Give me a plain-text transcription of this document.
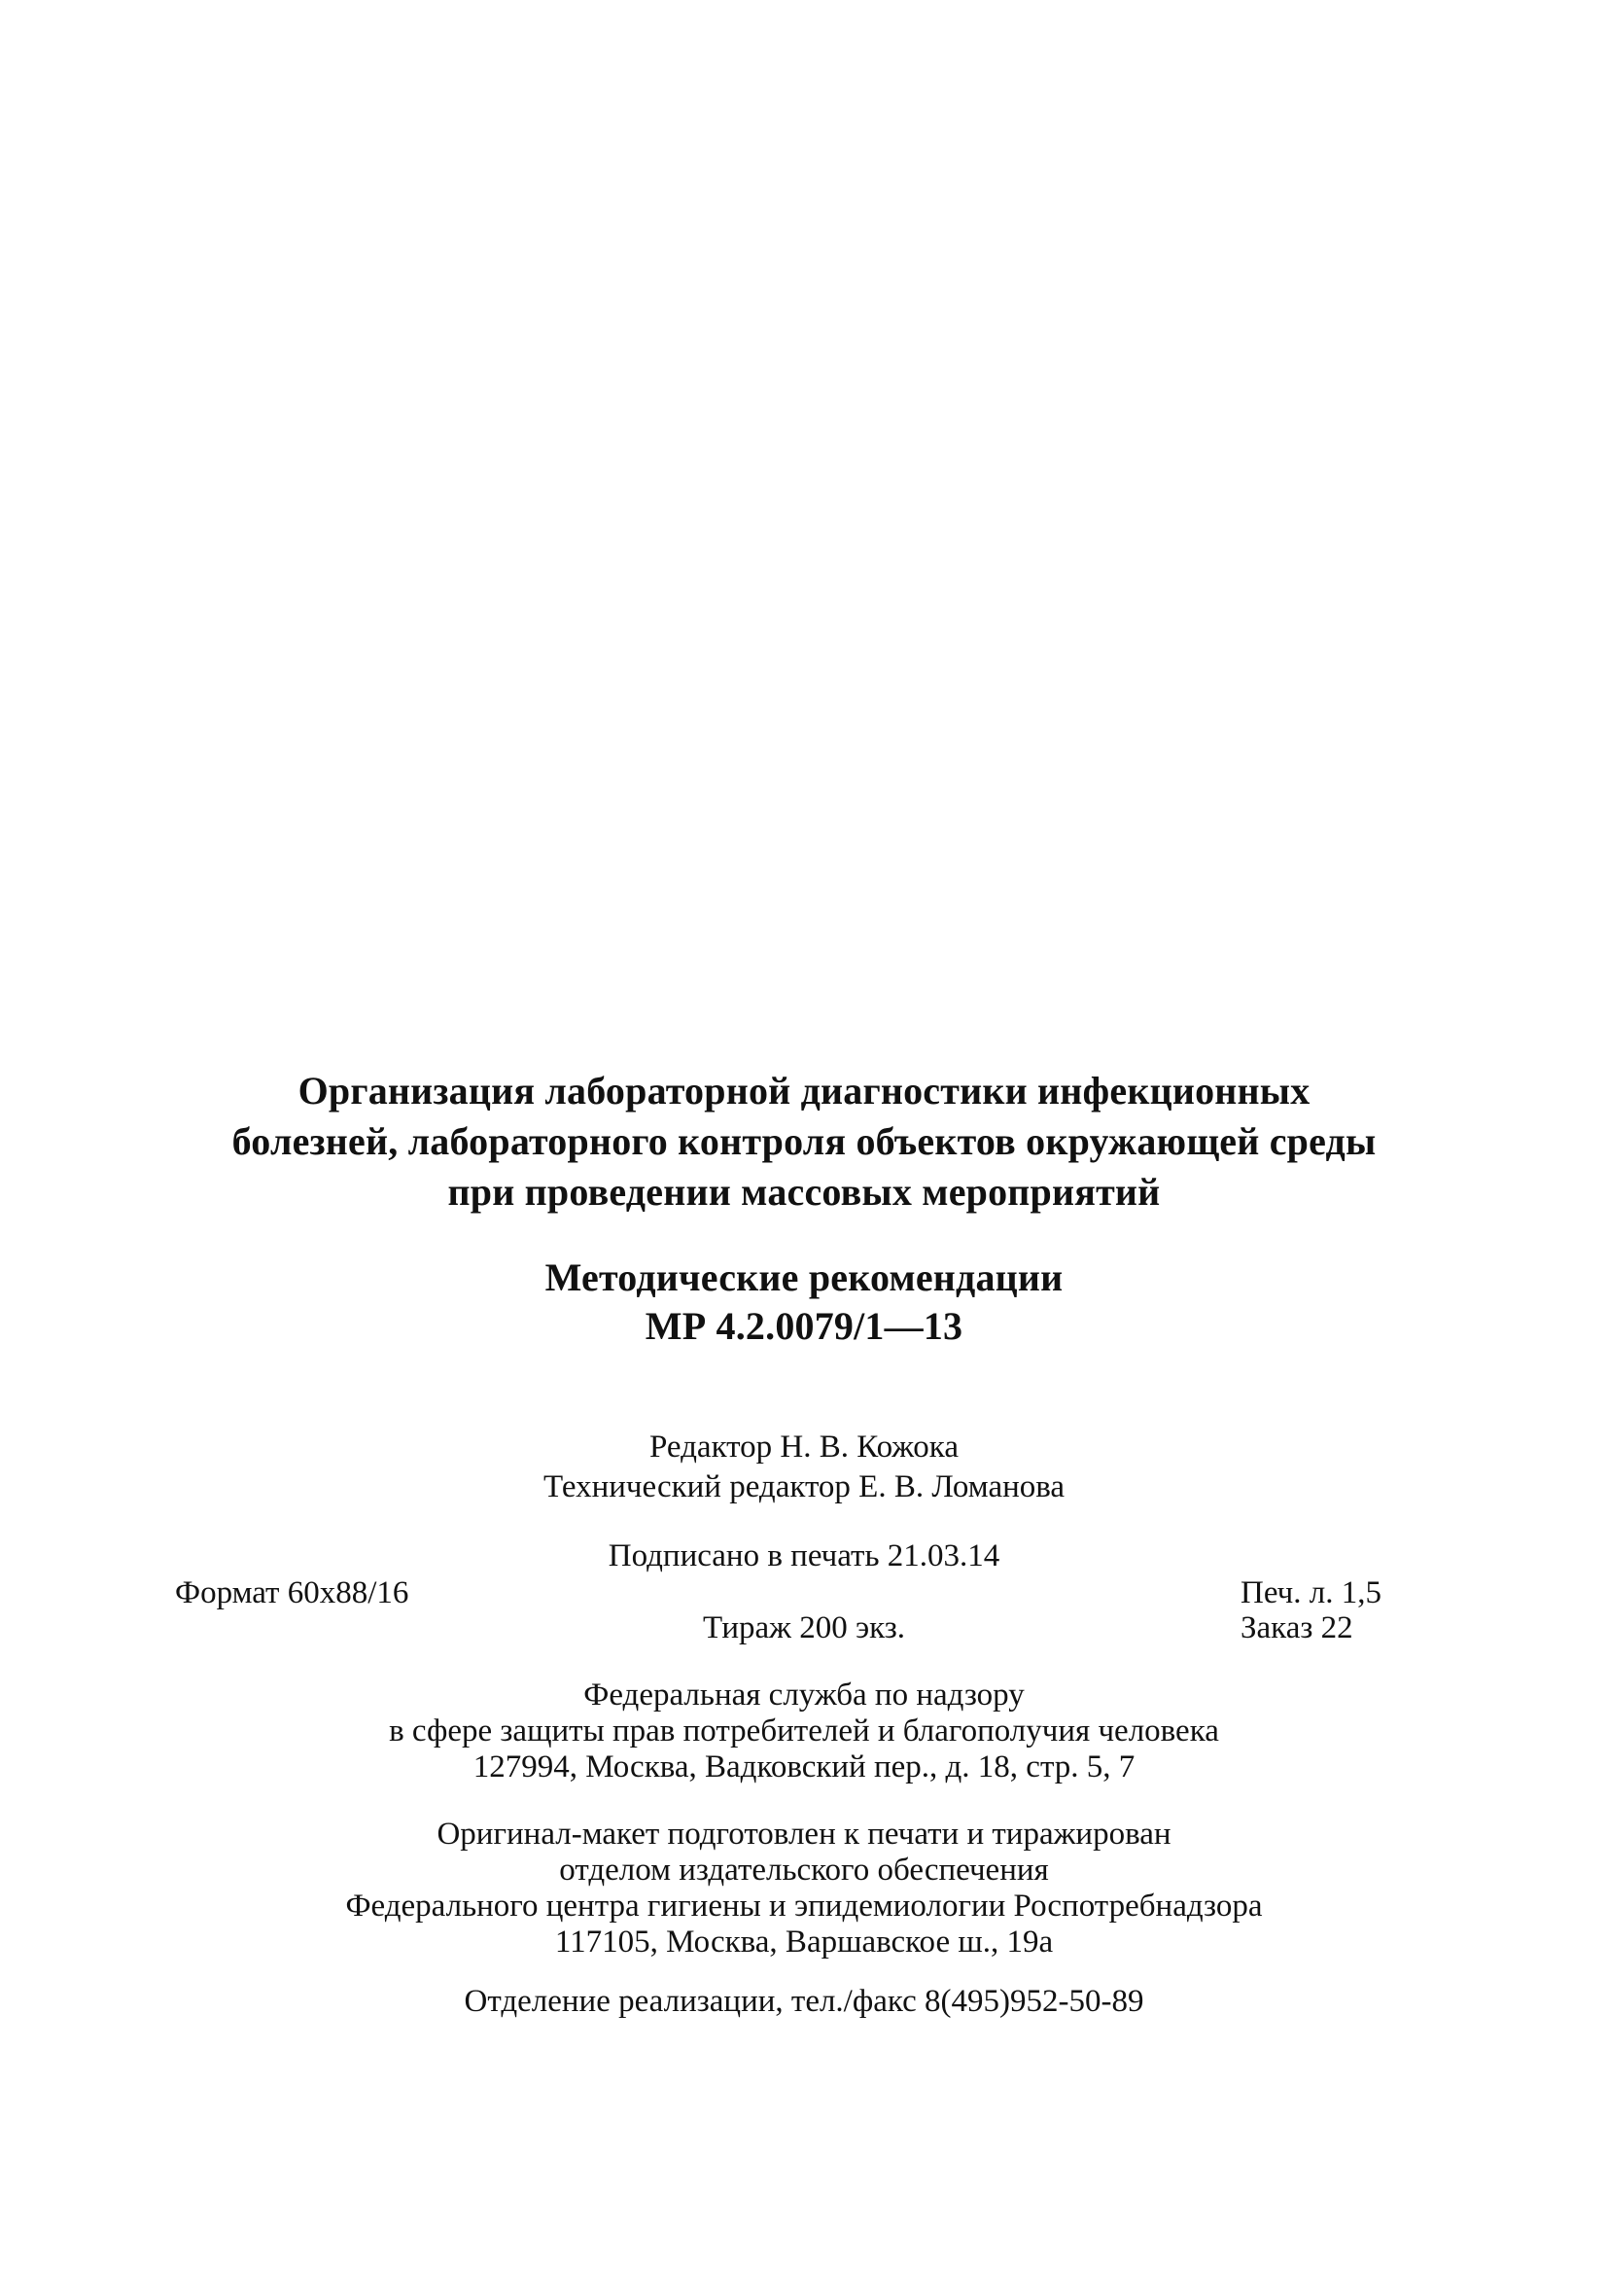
Организация лабораторной диагностики инфекционных
болезней, лабораторного контроля объектов окружающей среды
при проведении массовых мероприятий
Методические рекомендации
МР 4.2.0079/1—13
Редактор Н. В. Кожока
Технический редактор Е. В. Ломанова
Подписано в печать 21.03.14
Формат 60х88/16	Печ. л. 1,5
Тираж 200 экз.	Заказ 22
Федеральная служба по надзору
в сфере защиты прав потребителей и благополучия человека
127994, Москва, Вадковский пер., д. 18, стр. 5, 7
Оригинал-макет подготовлен к печати и тиражирован
отделом издательского обеспечения
Федерального центра гигиены и эпидемиологии Роспотребнадзора
117105, Москва, Варшавское ш., 19а
Отделение реализации, тел./факс 8(495)952-50-89
